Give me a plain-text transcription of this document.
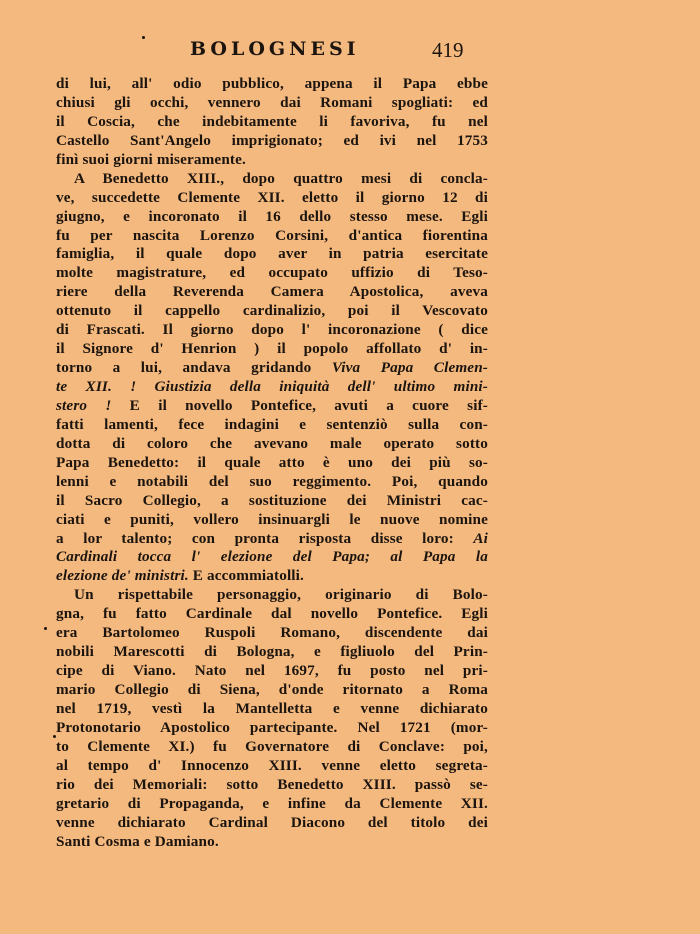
BOLOGNESI	419
di lui, all' odio pubblico, appena il Papa ebbe
chiusi gli occhi, vennero dai Romani spogliati: ed
il Coscia, che indebitamente li favoriva, fu nel
Castello Sant'Angelo imprigionato; ed ivi nel 1753
finì suoi giorni miseramente.
A Benedetto XIII., dopo quattro mesi di concla-
ve, succedette Clemente XII. eletto il giorno 12 di
giugno, e incoronato il 16 dello stesso mese. Egli
fu per nascita Lorenzo Corsini, d'antica fiorentina
famiglia, il quale dopo aver in patria esercitate
molte magistrature, ed occupato uffizio di Teso-
riere della Reverenda Camera Apostolica, aveva
ottenuto il cappello cardinalizio, poi il Vescovato
di Frascati. Il giorno dopo l' incoronazione ( dice
il Signore d' Henrion ) il popolo affollato d' in-
torno a lui, andava gridando Viva Papa Clemen-
te XII. ! Giustizia della iniquità dell' ultimo mini-
stero ! E il novello Pontefice, avuti a cuore sif-
fatti lamenti, fece indagini e sentenziò sulla con-
dotta di coloro che avevano male operato sotto
Papa Benedetto: il quale atto è uno dei più so-
lenni e notabili del suo reggimento. Poi, quando
il Sacro Collegio, a sostituzione dei Ministri cac-
ciati e puniti, vollero insinuargli le nuove nomine
a lor talento; con pronta risposta disse loro: Ai
Cardinali tocca l' elezione del Papa; al Papa la
elezione de' ministri. E accommiatolli.
Un rispettabile personaggio, originario di Bolo-
gna, fu fatto Cardinale dal novello Pontefice. Egli
era Bartolomeo Ruspoli Romano, discendente dai
nobili Marescotti di Bologna, e figliuolo del Prin-
cipe di Viano. Nato nel 1697, fu posto nel pri-
mario Collegio di Siena, d'onde ritornato a Roma
nel 1719, vestì la Mantelletta e venne dichiarato
Protonotario Apostolico partecipante. Nel 1721 (mor-
to Clemente XI.) fu Governatore di Conclave: poi,
al tempo d' Innocenzo XIII. venne eletto segreta-
rio dei Memoriali: sotto Benedetto XIII. passò se-
gretario di Propaganda, e infine da Clemente XII.
venne dichiarato Cardinal Diacono del titolo dei
Santi Cosma e Damiano.
